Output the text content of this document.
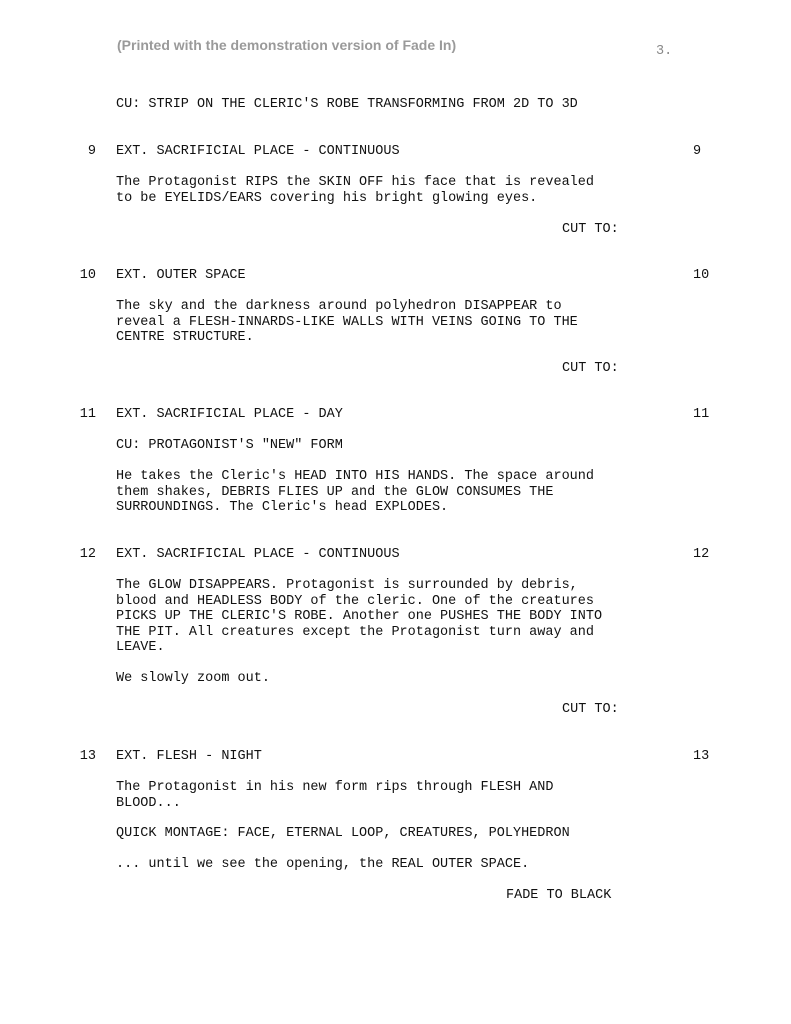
(Printed with the demonstration version of Fade In)	3.
CU: STRIP ON THE CLERIC'S ROBE TRANSFORMING FROM 2D TO 3D
9 EXT. SACRIFICIAL PLACE - CONTINUOUS	9
The Protagonist RIPS the SKIN OFF his face that is revealed
to be EYELIDS/EARS covering his bright glowing eyes.
CUT TO:
10 EXT. OUTER SPACE	10
The sky and the darkness around polyhedron DISAPPEAR to
reveal a FLESH-INNARDS-LIKE WALLS WITH VEINS GOING TO THE
CENTRE STRUCTURE.
CUT TO:
11 EXT. SACRIFICIAL PLACE - DAY	11
CU: PROTAGONIST'S "NEW" FORM
He takes the Cleric's HEAD INTO HIS HANDS. The space around
them shakes, DEBRIS FLIES UP and the GLOW CONSUMES THE
SURROUNDINGS. The Cleric's head EXPLODES.
12 EXT. SACRIFICIAL PLACE - CONTINUOUS	12
The GLOW DISAPPEARS. Protagonist is surrounded by debris,
blood and HEADLESS BODY of the cleric. One of the creatures
PICKS UP THE CLERIC'S ROBE. Another one PUSHES THE BODY INTO
THE PIT. All creatures except the Protagonist turn away and
LEAVE.
We slowly zoom out.
CUT TO:
13 EXT. FLESH - NIGHT	13
The Protagonist in his new form rips through FLESH AND
BLOOD...
QUICK MONTAGE: FACE, ETERNAL LOOP, CREATURES, POLYHEDRON
... until we see the opening, the REAL OUTER SPACE.
FADE TO BLACK
